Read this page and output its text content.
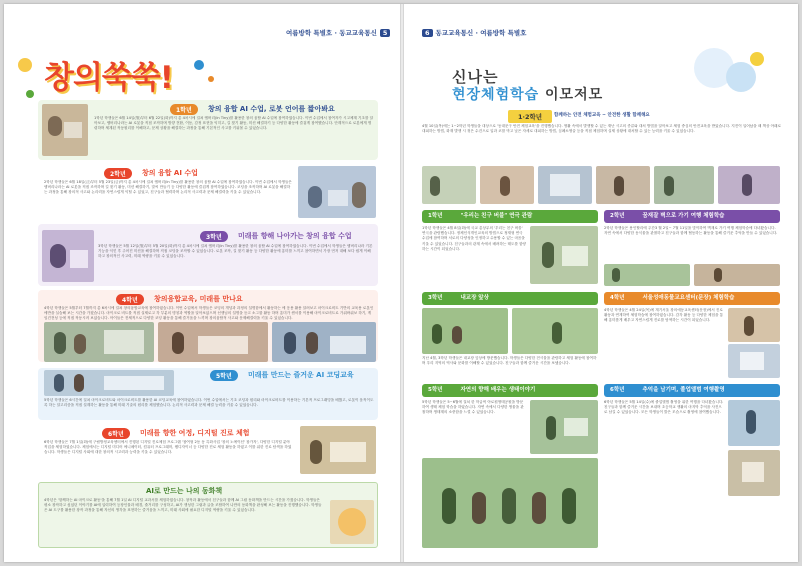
여름방학 특별호 · 동교교육통신 5
창의쑥쑥!
1학년	창의 융합 AI 수업, 로봇 언어를 짧아봐요
1학년 학생들은 6월 14일(월)부터 6월 22일(화)까지 총 4차시에 걸쳐 엠버리(In Tiny)를 활용한 창의 융합 AI 수업에 참여하였습니다. 이번 수업에서 참여자가 시고체계 기초를 알아보고, 엠버리나라는 AI 로봇을 직접 조작하며 방향 전환, 이동, 감정 표현을 익히고, 길 찾기 활동, 미션 해결하기 등 다양한 활동에 즐겁게 참여했습니다. 단계적으로 로봇에게 명령하며 체계된 작동원리를 이해하고, 문제 상황을 해결하는 과정을 통해 기본적인 사고를 키워볼 수 있었습니다.
2학년	창의 융합 AI 수업
2학년 학생들은 6월 18일(금)부터 5월 23일(금)까지 총 4차시에 걸쳐 엠버리(In Tiny)를 활용한 창의 융합 AI 수업에 참여하였습니다. 이번 수업에서 학생들은 엠버리나라는 AI 로봇을 직접 조작하며 길 찾기 활동, 미션 해결하기, 말씨 만들기 등 다양한 활동에 즐겁게 참여하였습니다. 코딩을 조작하며 AI 로봇을 해결하는 과정을 통해 창의적 사고와 논리력을 자연스럽게 익힐 수 있었고, 친구들과 협력하며 논리적 사고력과 문제 해결력을 키울 수 있었습니다.
3학년	미래를 향해 나아가는 창의 융합 수업
3학년 학생들은 5월 12일(월)부터 5월 20일(화)까지 총 4차시에 걸쳐 엠버리(In Tiny)를 활용한 창의 융합 AI 수업에 참여하였습니다. 이번 수업에서 학생들은 엠버리나라 기본 기능을 익힌 후 주어진 미션을 해결하며 직접 코딩을 조작할 수 있었습니다. 로봇 조작, 길 찾기 활동 등 다양한 활동에 흥미를 느끼고 참여하면서 가장 먼저 대해 보다 쉽게 이해하고 창의적인 사고력, 미래 역량을 키울 수 있었습니다.
4학년	창의융합교육, 미래를 만나요
4학년 학생들은 5월부터 7월까지 총 6차시에 걸쳐 창의융합교육에 참여하였습니다. 이번 수업에서 학생들은 코딩의 개념과 과정의 설명함에서 활동하는 에 응용 활용 알려보고 마이크로비트 기반의 교육용 로봇인 에반을 실습해 보는 시간을 가졌습니다. 마이크로 비트를 직접 실제로고 각 부분의 명칭과 역할을 알아보았으며 선생님의 설명을 듣고 소그룹 활동 하며 흥미가 센서를 이용해 마이크로비트로 가위바위보 하기, 게임건전성 등에 직접 작동시켜 보았습니다. 아이들은 전체적으로 다양한 코딩 활동을 통해 즐거움을 느끼며 창의융합적 사고와 문제해결력을 키울 수 있었습니다.
5학년	미래를 만드는 즐거운 AI 코딩교육
5학년 학생들은 6시간에 걸쳐 마이크로비트와 마이크로비트를 활용한 AI 코딩교육에 참여하였습니다. 이번 수업에서는 기초 코딩과 원리와 마이크로비트를 이용하는 기본적 프로그래밍을 배웠고, 로봇이 움직이도록 하는 알고리즘을 직접 설계하는 활동을 통해 미래 기술의 원리를 체험했습니다. 논리적 사고력과 문제 해결 능력을 키울 수 있었습니다.
6학년	미래를 향한 여정, 디지털 진로 체험
6학년 학생들은 7월 1일(화)에 구립방정교육센터에서 진행된 디지털 진로체험 프로그램 '참여형 2동 동 특화사업 '창의 노에이션' 참가자', 다양한 디지털 분야 직업을 체험하였습니다. 체험에서는 디지털 미디어 에니메이터, 컴퓨터 프로그래머, 웹디자이너 등 다양한 진로 체험 활동을 하였고 이를 위한 진로 탐색을 하였습니다. 학생들은 디지털 사회에 대한 창의적 시고력과 능력을 키울 수 있었습니다.
AI로 만드는 나의 동화책
4학년은 '함께하는 AI 마이크로 활동'을 통해 7월 1일 AI 디지털 교과서를 체험하였습니다. 창작과 활동에서 친구들과 함께 AI 그림 동화책을 만드는 시간을 가졌습니다. 학생들은 평소 창작하고 싶었던 이야기를 AI에 입력하여 등장인물과 배경, 줄거리를 구성하고, AI가 생성한 그림과 글을 조합하여 나만의 동화책을 완성해 보는 활동을 진행했습니다. 학생들은 AI 도구를 활용한 창작 과정을 통해 자신의 생각을 표현하는 즐거움을 느끼고, 미래 사회에 필요한 디지털 역량을 키울 수 있었습니다.
6 동교교육통신 · 여름방학 특별호
신나는
현장체험학습 이모저모
1·2학년	함께하는 안전 체험교육 ~ 안전한 생활 함께해요
4월 10일(목)에는 1~2학년 학생들을 대상으로 '동대문구 안전 체험교육'을 진행했습니다. 생활 속에서 발생할 수 있는 재난 시고의 종류와 대처 방법을 알아보고 체험 중심의 안전교육을 받았습니다. 지진이 일어났을 때 책상 아래로 대피하는 방법, 화재 발생 시 젖은 수건으로 입과 코를 막고 낮은 자세로 대피하는 방법, 심폐소생술 등을 직접 체험하며 실제 상황에 대처할 수 있는 능력을 키울 수 있었습니다.
1학년	"우리는 친구 버블" 연극 관람
1학년 학생들은 4월 8일(화)에 국교 총상무의 '우리는 친구 버블' 연극을 관람했습니다. 정체인식개인교육의 방법으로 정재형 연극 수업에 참여하며 서로의 다양성을 인정하고 수용할 수 있는 마음을 키울 수 있었습니다. 친구들과의 관계 속에서 배려하는 태도를 함양하는 시간이 되었습니다.
2학년	꿈재잘 벽으로 가기 여행 체험학습
2학년 학생들은 용인할리에 주간3 월 2일~ 7월 11일을 맞이하여 벽재로 가기 여행 체험학습에 다녀왔습니다. 자연 속에서 다양한 동식물을 관찰하고 친구들과 함께 협동하는 활동을 통해 즐거운 추억을 만들 수 있었습니다.
3학년	내교장 앞상
지난 4월, 3학년 학생들은 내교장 앞상에 방문했습니다. 학생들은 다양한 전시물을 관람하고 체험 활동에 참여하며 우리 지역의 역사와 문화를 이해할 수 있었습니다. 친구들과 함께 즐거운 시간을 보냈습니다.
4학년	서울성애동물교요센터(문장) 체험학습
4학년 학생들은 4월 24일(목)에 계기서울 창의애동교육센터(문장)에서 진로활동과 연계하여 체험학습에 참여하였습니다. 감각 활동 등 다양한 체험을 통해 흥미롭게 배우고 자연스럽게 진로를 탐색하는 시간이 되었습니다.
5학년	자연의 향해 배우는 생태이야기
5학년 학생들은 5~6월에 걸쳐 한 학급씩 아로원생태공원을 방문하여 생태 체험 학습을 하였습니다. 자연 속에서 다양한 생물을 관찰하며 생태계의 소중함을 느낄 수 있었습니다.
6학년	추억을 남기며, 졸업앨범 여행촬영
6학년 학생들은 5월 14일(수)에 졸업앨범 촬영을 위한 여행을 다녀왔습니다. 친구들과 함께 즐거운 시간을 보내며 초등학교 생활의 마지막 추억을 사진으로 남길 수 있었습니다. 모든 학생들이 밝은 모습으로 촬영에 참여했습니다.
